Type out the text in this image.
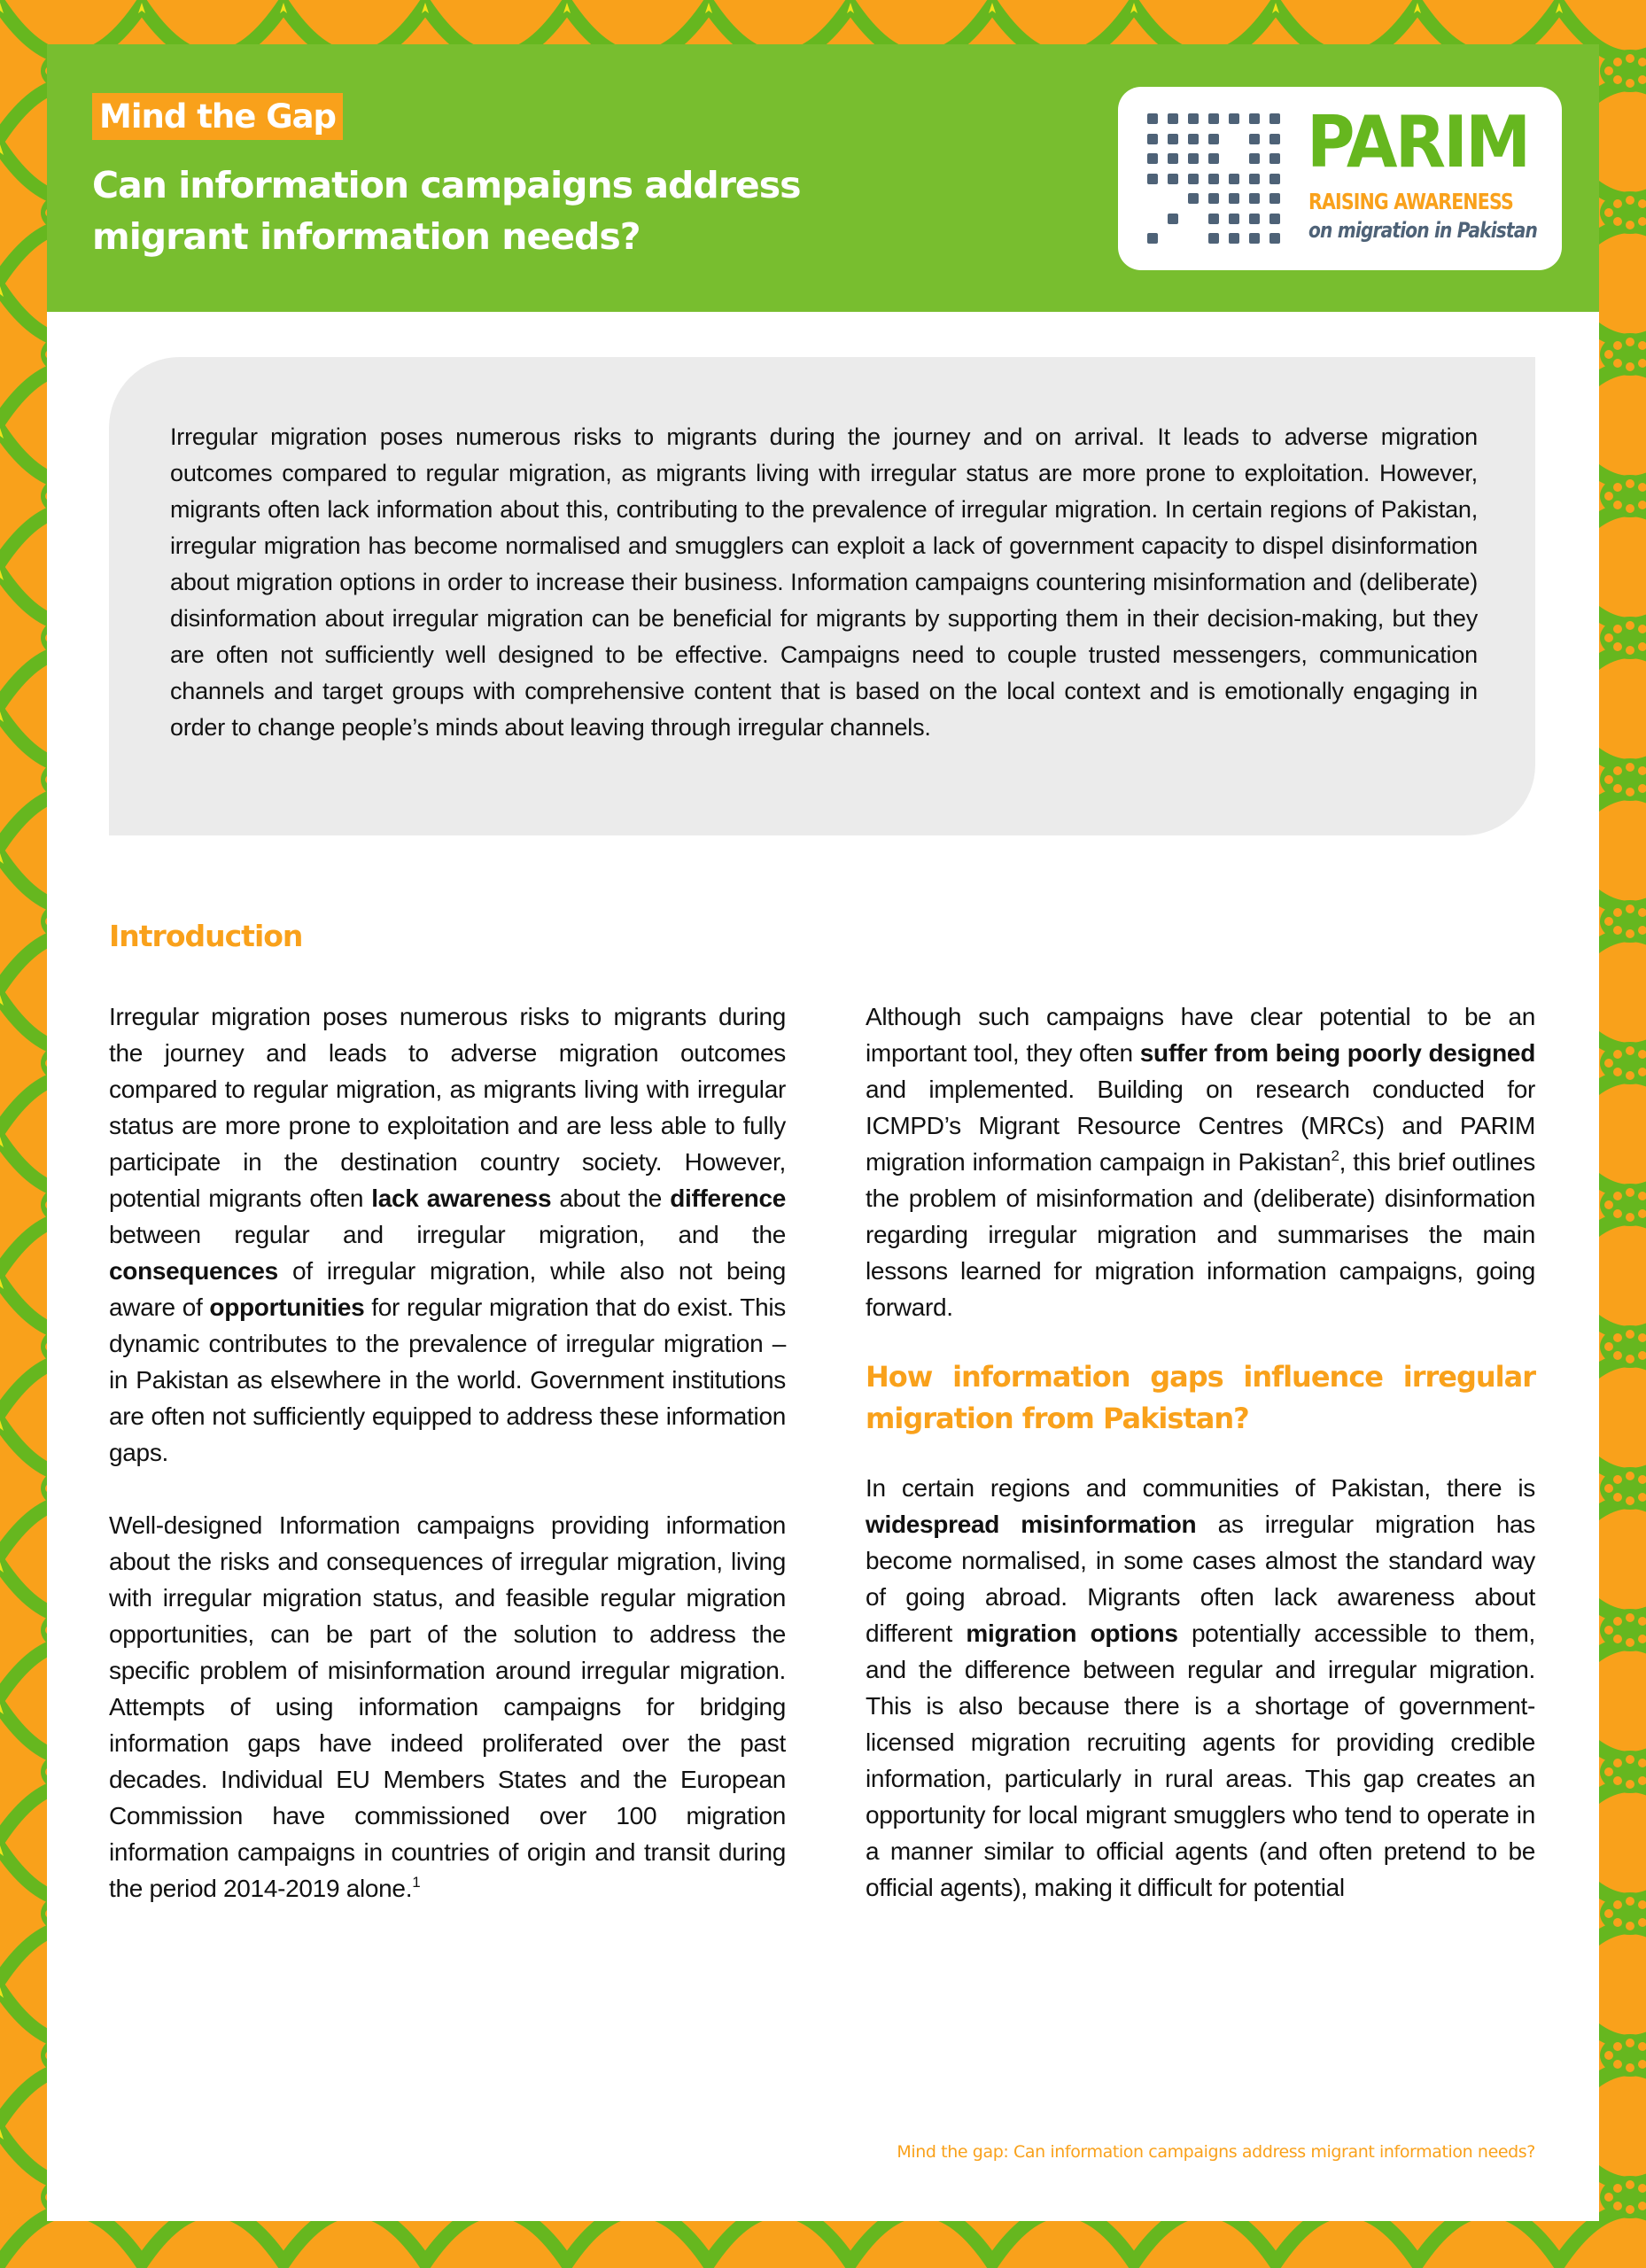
Mind the Gap
Can information campaigns address
migrant information needs?
PARIM
RAISING AWARENESS
on migration in Pakistan

Irregular migration poses numerous risks to migrants during the journey and on arrival. It leads to adverse migration outcomes compared to regular migration, as migrants living with irregular status are more prone to exploitation. However, migrants often lack information about this, contributing to the prevalence of irregular migration. In certain regions of Pakistan, irregular migration has become normalised and smugglers can exploit a lack of government capacity to dispel disinformation about migration options in order to increase their business. Information campaigns countering misinformation and (deliberate) disinformation about irregular migration can be beneficial for migrants by supporting them in their decision-making, but they are often not sufficiently well designed to be effective. Campaigns need to couple trusted messengers, communication channels and target groups with comprehensive content that is based on the local context and is emotionally engaging in order to change people’s minds about leaving through irregular channels.

Introduction

Irregular migration poses numerous risks to migrants during the journey and leads to adverse migration outcomes compared to regular migration, as migrants living with irregular status are more prone to exploitation and are less able to fully participate in the destination country society. However, potential migrants often lack awareness about the difference between regular and irregular migration, and the consequences of irregular migration, while also not being aware of opportunities for regular migration that do exist. This dynamic contributes to the prevalence of irregular migration – in Pakistan as elsewhere in the world. Government institutions are often not sufficiently equipped to address these information gaps.

Well-designed Information campaigns providing information about the risks and consequences of irregular migration, living with irregular migration status, and feasible regular migration opportunities, can be part of the solution to address the specific problem of misinformation around irregular migration. Attempts of using information campaigns for bridging information gaps have indeed proliferated over the past decades. Individual EU Members States and the European Commission have commissioned over 100 migration information campaigns in countries of origin and transit during the period 2014-2019 alone.$^1$

Although such campaigns have clear potential to be an important tool, they often suffer from being poorly designed and implemented. Building on research conducted for ICMPD’s Migrant Resource Centres (MRCs) and PARIM migration information campaign in Pakistan$^2$, this brief outlines the problem of misinformation and (deliberate) disinformation regarding irregular migration and summarises the main lessons learned for migration information campaigns, going forward.

How information gaps influence irregular migration from Pakistan?

In certain regions and communities of Pakistan, there is widespread misinformation as irregular migration has become normalised, in some cases almost the standard way of going abroad. Migrants often lack awareness about different migration options potentially accessible to them, and the difference between regular and irregular migration. This is also because there is a shortage of government-licensed migration recruiting agents for providing credible information, particularly in rural areas. This gap creates an opportunity for local migrant smugglers who tend to operate in a manner similar to official agents (and often pretend to be official agents), making it difficult for potential

Mind the gap: Can information campaigns address migrant information needs?
